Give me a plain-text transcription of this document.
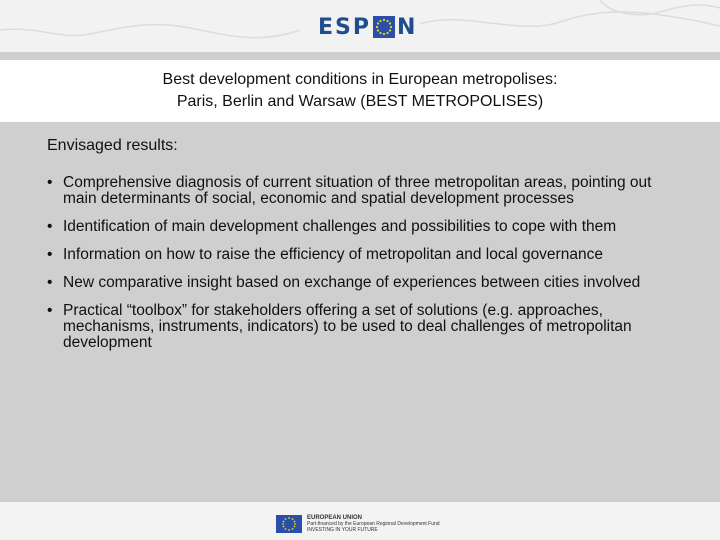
ESP N
Best development conditions in European metropolises:
Paris, Berlin and Warsaw (BEST METROPOLISES)
Envisaged results:
• Comprehensive diagnosis of current situation of three metropolitan areas, pointing out main determinants of social, economic and spatial development processes
• Identification of main development challenges and possibilities to cope with them
• Information on how to raise the efficiency of metropolitan and local governance
• New comparative insight based on exchange of experiences between cities involved
• Practical “toolbox” for stakeholders offering a set of solutions (e.g. approaches, mechanisms, instruments, indicators) to be used to deal challenges of metropolitan development
EUROPEAN UNION
Part-financed by the European Regional Development Fund
INVESTING IN YOUR FUTURE
